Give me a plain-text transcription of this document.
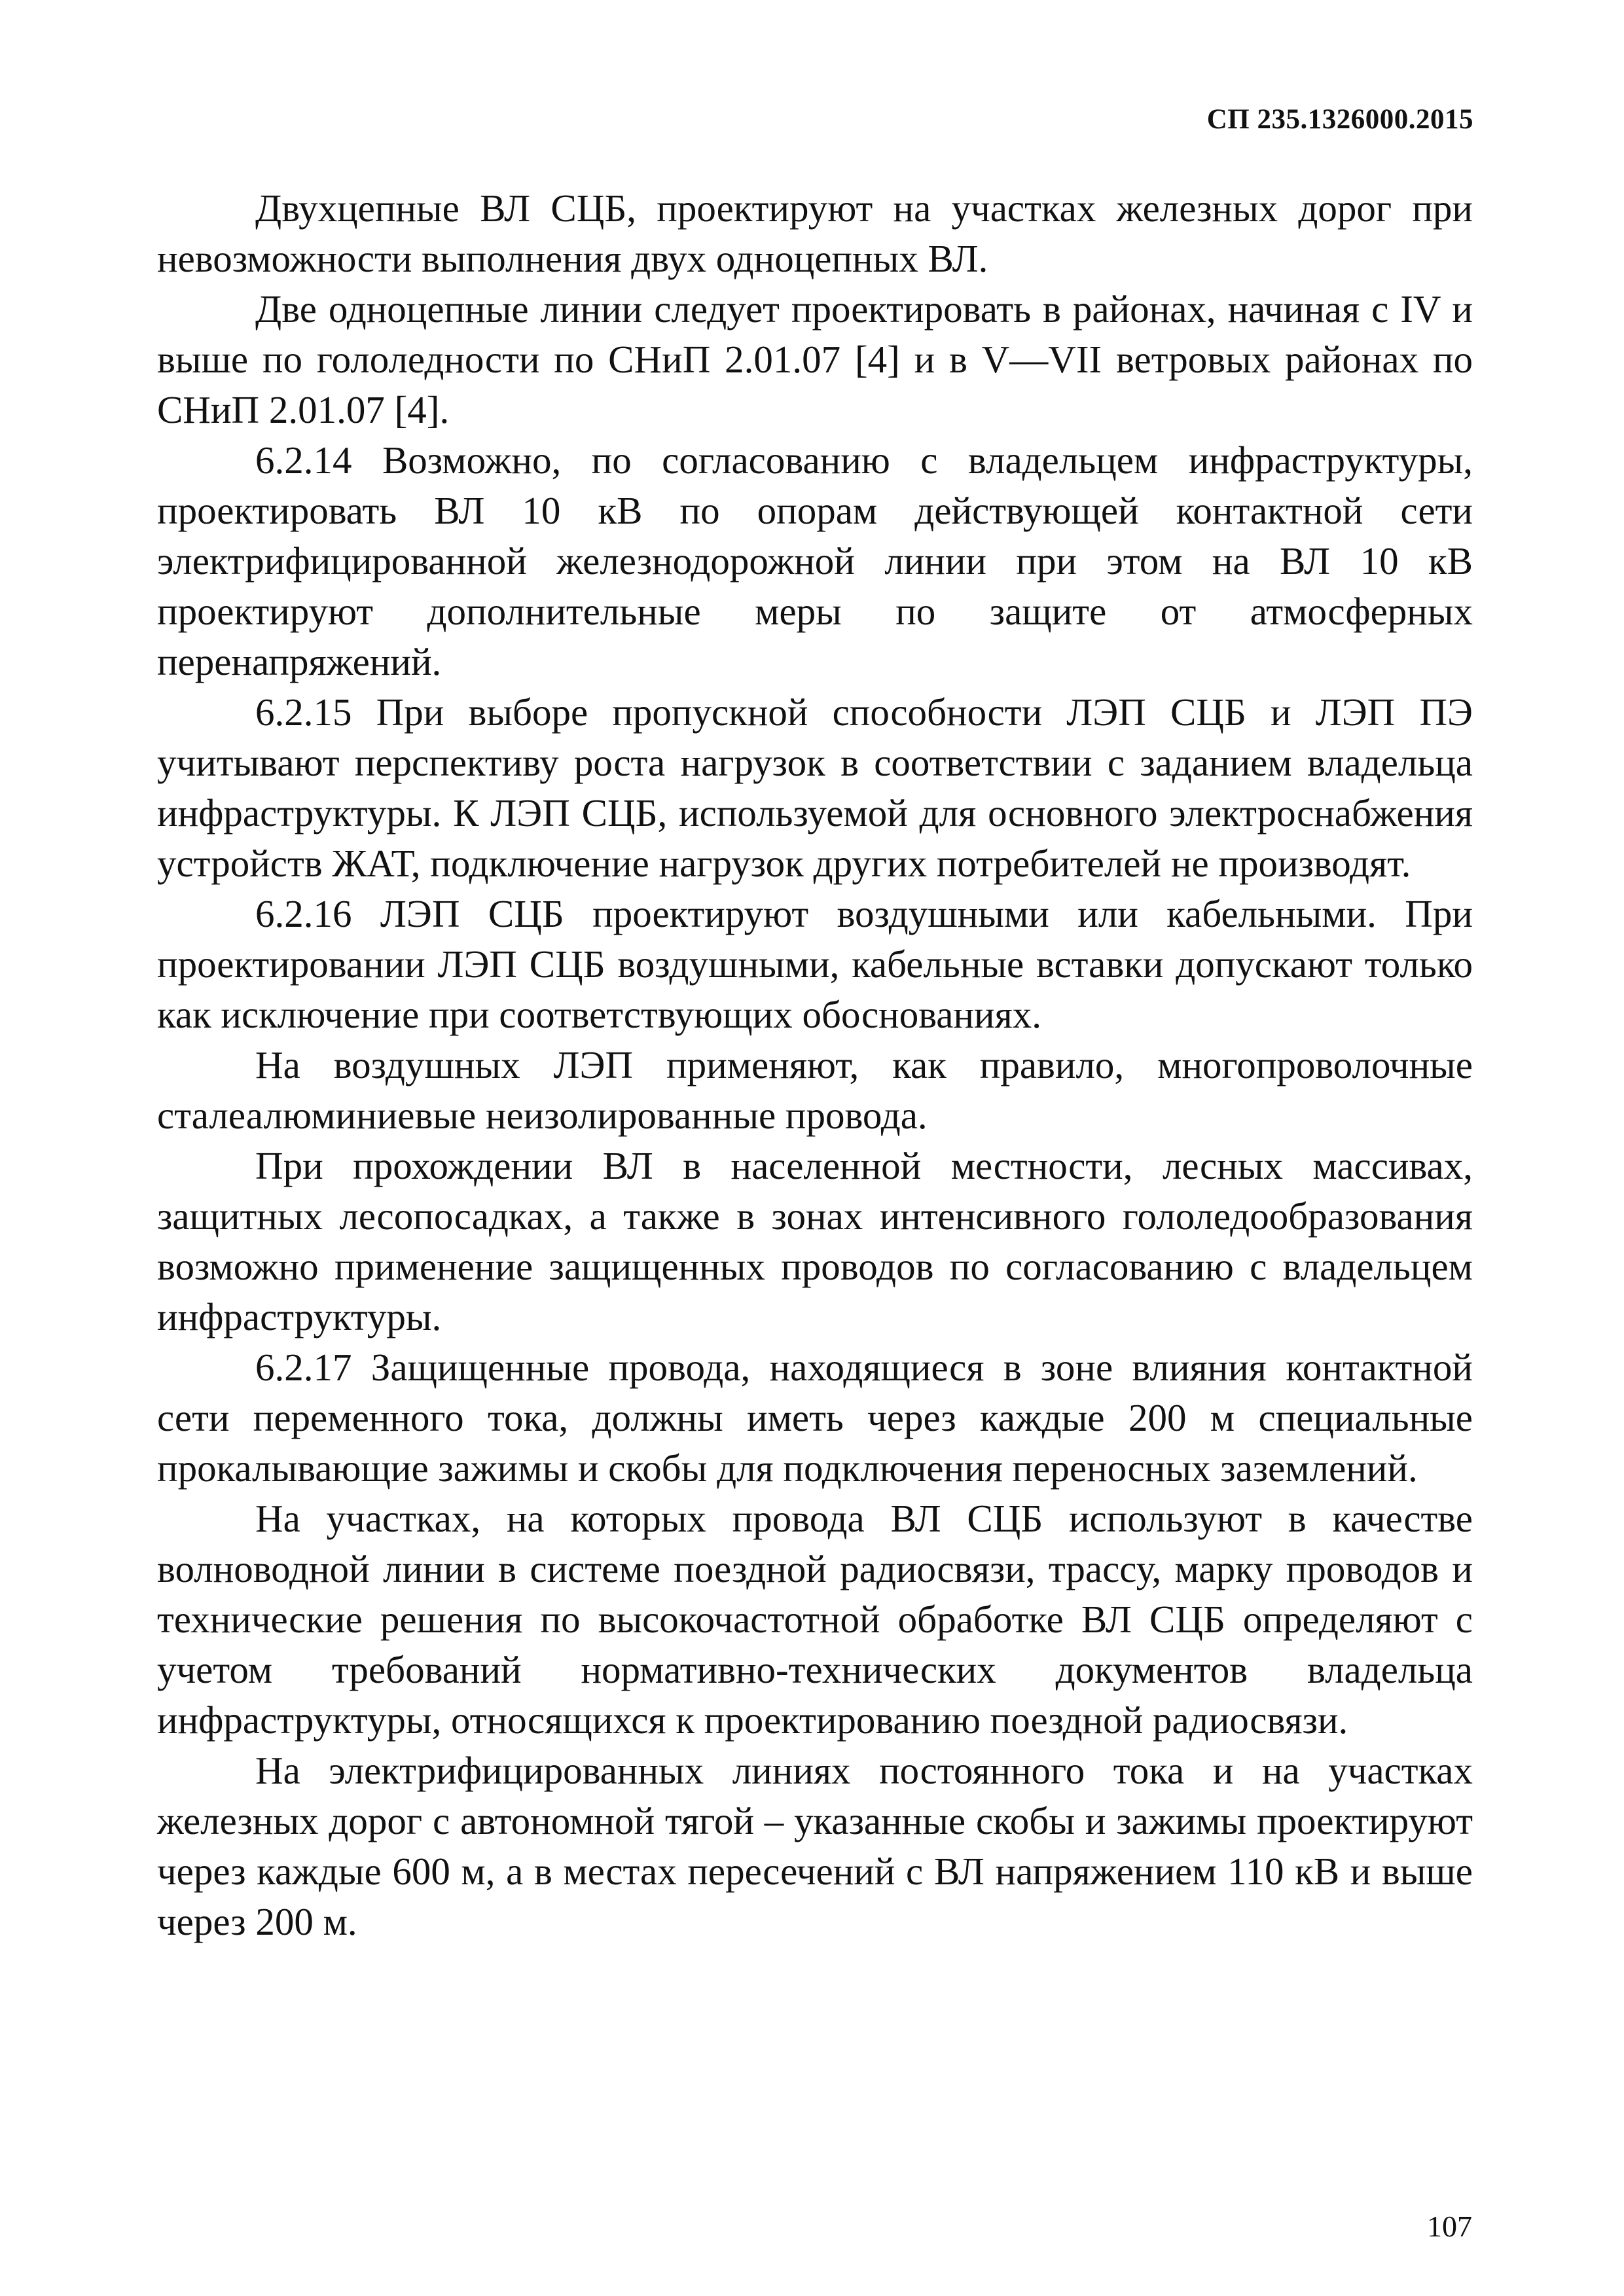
СП 235.1326000.2015

Двухцепные ВЛ СЦБ, проектируют на участках железных дорог при невозможности выполнения двух одноцепных ВЛ.

Две одноцепные линии следует проектировать в районах, начиная с IV и выше по гололедности по СНиП 2.01.07 [4] и в V—VII ветровых районах по СНиП 2.01.07 [4].

6.2.14 Возможно, по согласованию с владельцем инфраструктуры, проектировать ВЛ 10 кВ по опорам действующей контактной сети электрифицированной железнодорожной линии при этом на ВЛ 10 кВ проектируют дополнительные меры по защите от атмосферных перенапряжений.

6.2.15 При выборе пропускной способности ЛЭП СЦБ и ЛЭП ПЭ учитывают перспективу роста нагрузок в соответствии с заданием владельца инфраструктуры. К ЛЭП СЦБ, используемой для основного электроснабжения устройств ЖАТ, подключение нагрузок других потребителей не производят.

6.2.16 ЛЭП СЦБ проектируют воздушными или кабельными. При проектировании ЛЭП СЦБ воздушными, кабельные вставки допускают только как исключение при соответствующих обоснованиях.

На воздушных ЛЭП применяют, как правило, многопроволочные сталеалюминиевые неизолированные провода.

При прохождении ВЛ в населенной местности, лесных массивах, защитных лесопосадках, а также в зонах интенсивного гололедообразования возможно применение защищенных проводов по согласованию с владельцем инфраструктуры.

6.2.17 Защищенные провода, находящиеся в зоне влияния контактной сети переменного тока, должны иметь через каждые 200 м специальные прокалывающие зажимы и скобы для подключения переносных заземлений.

На участках, на которых провода ВЛ СЦБ используют в качестве волноводной линии в системе поездной радиосвязи, трассу, марку проводов и технические решения по высокочастотной обработке ВЛ СЦБ определяют с учетом требований нормативно-технических документов владельца инфраструктуры, относящихся к проектированию поездной радиосвязи.

На электрифицированных линиях постоянного тока и на участках железных дорог с автономной тягой – указанные скобы и зажимы проектируют через каждые 600 м, а в местах пересечений с ВЛ напряжением 110 кВ и выше через 200 м.

107
